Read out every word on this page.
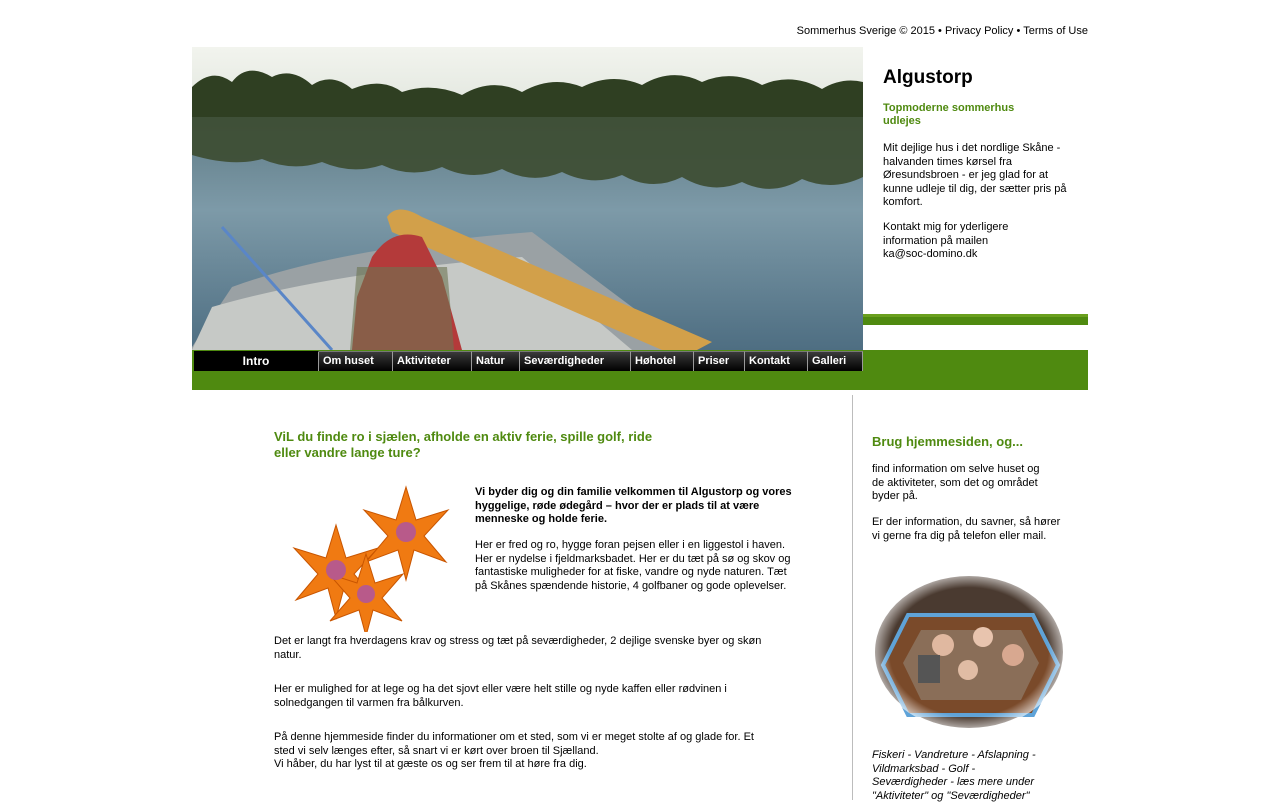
Sommerhus Sverige © 2015 • Privacy Policy • Terms of Use
Algustorp
Topmoderne sommerhus udlejes
Mit dejlige hus i det nordlige Skåne - halvanden times kørsel fra Øresundsbroen - er jeg glad for at kunne udleje til dig, der sætter pris på komfort.
Kontakt mig for yderligere information på mailen ka@soc-domino.dk
Intro	Om huset	Aktiviteter	Natur	Seværdigheder	Høhotel	Priser	Kontakt	Galleri
ViL du finde ro i sjælen, afholde en aktiv ferie, spille golf, ride eller vandre lange ture?
Vi byder dig og din familie velkommen til Algustorp og vores hyggelige, røde ødegård – hvor der er plads til at være menneske og holde ferie.
Her er fred og ro, hygge foran pejsen eller i en liggestol i haven. Her er nydelse i fjeldmarksbadet. Her er du tæt på sø og skov og fantastiske muligheder for at fiske, vandre og nyde naturen. Tæt på Skånes spændende historie, 4 golfbaner og gode oplevelser.
Det er langt fra hverdagens krav og stress og tæt på seværdigheder, 2 dejlige svenske byer og skøn natur.
Her er mulighed for at lege og ha det sjovt eller være helt stille og nyde kaffen eller rødvinen i solnedgangen til varmen fra bålkurven.
På denne hjemmeside finder du informationer om et sted, som vi er meget stolte af og glade for. Et sted vi selv længes efter, så snart vi er kørt over broen til Sjælland.
Vi håber, du har lyst til at gæste os og ser frem til at høre fra dig.
Brug hjemmesiden, og...
find information om selve huset og de aktiviteter, som det og området byder på.
Er der information, du savner, så hører vi gerne fra dig på telefon eller mail.
Fiskeri - Vandreture - Afslapning - Vildmarksbad - Golf - Seværdigheder - læs mere under "Aktiviteter" og "Seværdigheder"
